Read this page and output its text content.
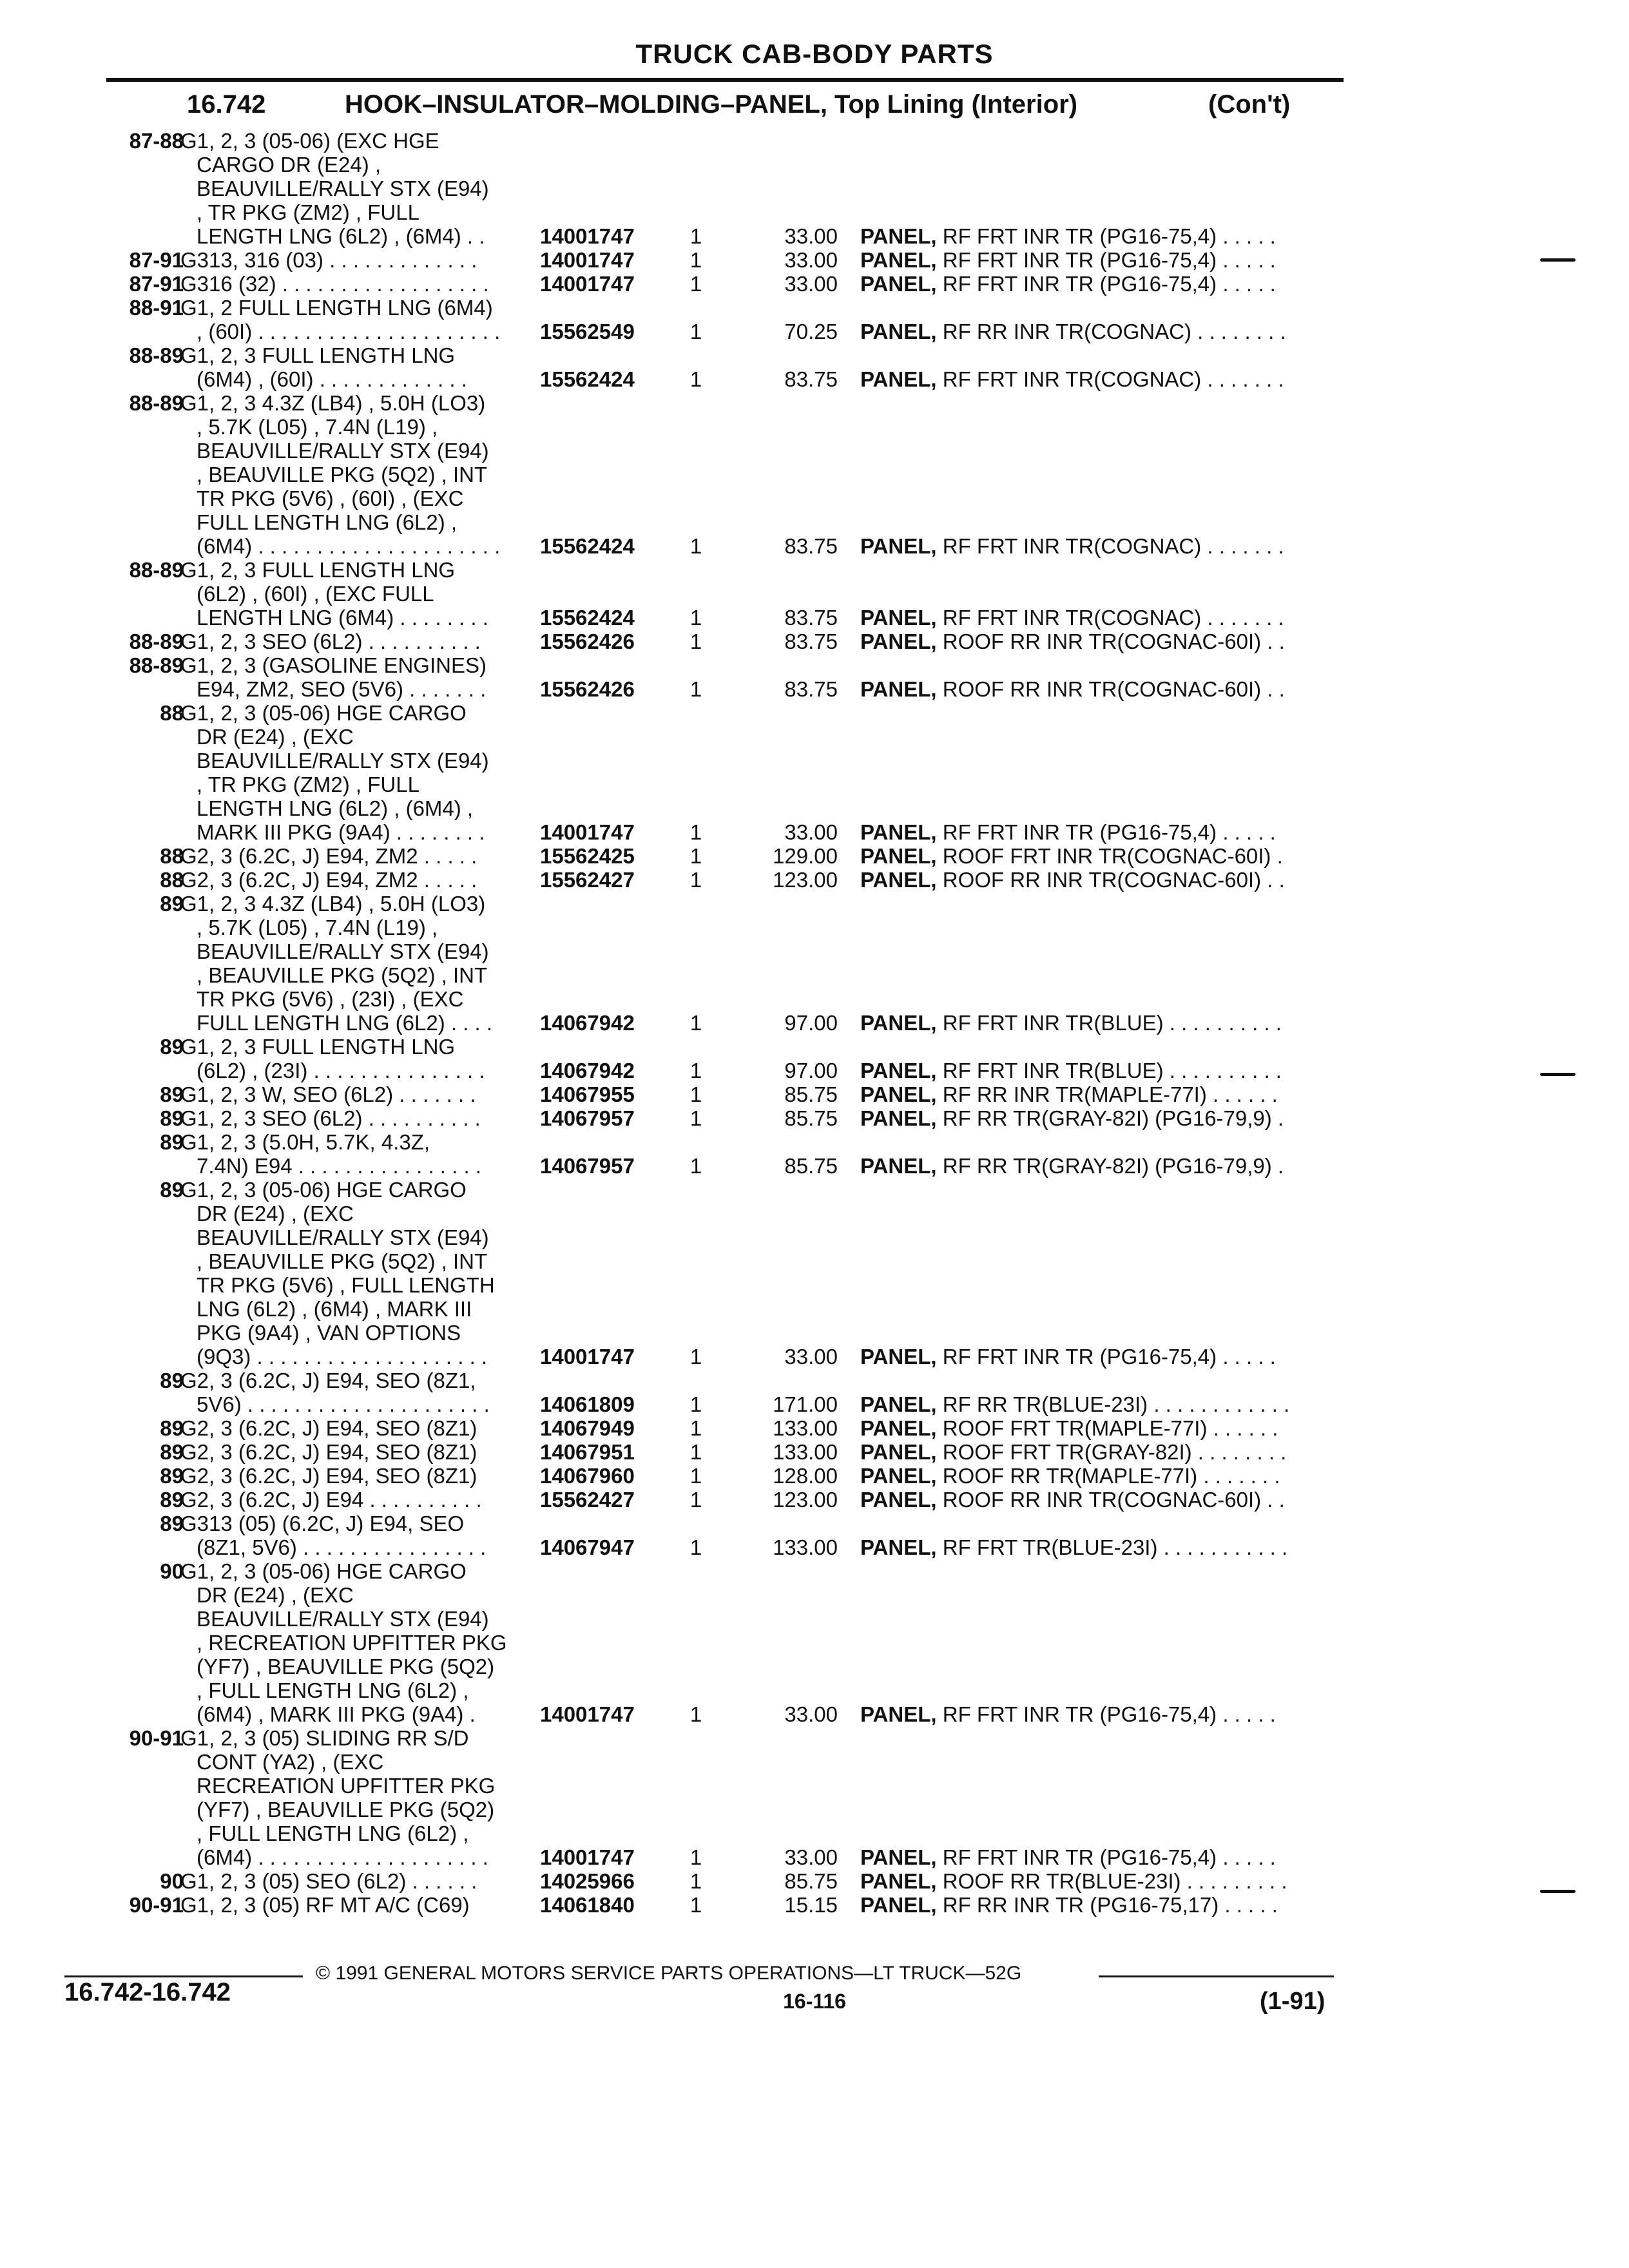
TRUCK CAB-BODY PARTS
16.742	HOOK–INSULATOR–MOLDING–PANEL, Top Lining (Interior)	(Con't)
87-88
G1, 2, 3 (05-06) (EXC HGE
CARGO DR (E24) ,
BEAUVILLE/RALLY STX (E94)
, TR PKG (ZM2) , FULL
LENGTH LNG (6L2) , (6M4) . .	14001747	1	33.00 PANEL, RF FRT INR TR (PG16-75,4) . . . . .
87-91
G313, 316 (03) . . . . . . . . . . . . .	14001747	1	33.00 PANEL, RF FRT INR TR (PG16-75,4) . . . . .
87-91
G316 (32) . . . . . . . . . . . . . . . . . . 14001747	1	33.00 PANEL, RF FRT INR TR (PG16-75,4) . . . . .
88-91
G1, 2 FULL LENGTH LNG (6M4)
, (60I) . . . . . . . . . . . . . . . . . . . . . 15562549	1	70.25 PANEL, RF RR INR TR(COGNAC) . . . . . . . .
88-89
G1, 2, 3 FULL LENGTH LNG
(6M4) , (60I) . . . . . . . . . . . . .	15562424	1	83.75 PANEL, RF FRT INR TR(COGNAC) . . . . . . .
88-89
G1, 2, 3 4.3Z (LB4) , 5.0H (LO3)
, 5.7K (L05) , 7.4N (L19) ,
BEAUVILLE/RALLY STX (E94)
, BEAUVILLE PKG (5Q2) , INT
TR PKG (5V6) , (60I) , (EXC
FULL LENGTH LNG (6L2) ,
(6M4) . . . . . . . . . . . . . . . . . . . . . 15562424	1	83.75 PANEL, RF FRT INR TR(COGNAC) . . . . . . .
88-89
G1, 2, 3 FULL LENGTH LNG
(6L2) , (60I) , (EXC FULL
LENGTH LNG (6M4) . . . . . . . . 15562424	1	83.75 PANEL, RF FRT INR TR(COGNAC) . . . . . . .
88-89
G1, 2, 3 SEO (6L2) . . . . . . . . . .	15562426	1	83.75 PANEL, ROOF RR INR TR(COGNAC-60I) . .
88-89
G1, 2, 3 (GASOLINE ENGINES)
E94, ZM2, SEO (5V6) . . . . . . .	15562426	1	83.75 PANEL, ROOF RR INR TR(COGNAC-60I) . .
88
G1, 2, 3 (05-06) HGE CARGO
DR (E24) , (EXC
BEAUVILLE/RALLY STX (E94)
, TR PKG (ZM2) , FULL
LENGTH LNG (6L2) , (6M4) ,
MARK III PKG (9A4) . . . . . . . .	14001747	1	33.00 PANEL, RF FRT INR TR (PG16-75,4) . . . . .
88
G2, 3 (6.2C, J) E94, ZM2 . . . . .	15562425	1	129.00 PANEL, ROOF FRT INR TR(COGNAC-60I) .
88
G2, 3 (6.2C, J) E94, ZM2 . . . . .	15562427	1	123.00 PANEL, ROOF RR INR TR(COGNAC-60I) . .
89
G1, 2, 3 4.3Z (LB4) , 5.0H (LO3)
, 5.7K (L05) , 7.4N (L19) ,
BEAUVILLE/RALLY STX (E94)
, BEAUVILLE PKG (5Q2) , INT
TR PKG (5V6) , (23I) , (EXC
FULL LENGTH LNG (6L2) . . . . 14067942	1	97.00 PANEL, RF FRT INR TR(BLUE) . . . . . . . . . .
89
G1, 2, 3 FULL LENGTH LNG
(6L2) , (23I) . . . . . . . . . . . . . . .	14067942	1	97.00 PANEL, RF FRT INR TR(BLUE) . . . . . . . . . .
89
G1, 2, 3 W, SEO (6L2) . . . . . . .	14067955	1	85.75 PANEL, RF RR INR TR(MAPLE-77I) . . . . . .
89
G1, 2, 3 SEO (6L2) . . . . . . . . . .	14067957	1	85.75 PANEL, RF RR TR(GRAY-82I) (PG16-79,9) .
89
G1, 2, 3 (5.0H, 5.7K, 4.3Z,
7.4N) E94 . . . . . . . . . . . . . . . .	14067957	1	85.75 PANEL, RF RR TR(GRAY-82I) (PG16-79,9) .
89
G1, 2, 3 (05-06) HGE CARGO
DR (E24) , (EXC
BEAUVILLE/RALLY STX (E94)
, BEAUVILLE PKG (5Q2) , INT
TR PKG (5V6) , FULL LENGTH
LNG (6L2) , (6M4) , MARK III
PKG (9A4) , VAN OPTIONS
(9Q3) . . . . . . . . . . . . . . . . . . . . 14001747	1	33.00 PANEL, RF FRT INR TR (PG16-75,4) . . . . .
89
G2, 3 (6.2C, J) E94, SEO (8Z1,
5V6) . . . . . . . . . . . . . . . . . . . . . 14061809	1	171.00 PANEL, RF RR TR(BLUE-23I) . . . . . . . . . . . .
89
G2, 3 (6.2C, J) E94, SEO (8Z1)	14067949	1	133.00 PANEL, ROOF FRT TR(MAPLE-77I) . . . . . .
89
G2, 3 (6.2C, J) E94, SEO (8Z1)	14067951	1	133.00 PANEL, ROOF FRT TR(GRAY-82I) . . . . . . . .
89
G2, 3 (6.2C, J) E94, SEO (8Z1)	14067960	1	128.00 PANEL, ROOF RR TR(MAPLE-77I) . . . . . . .
89
G2, 3 (6.2C, J) E94 . . . . . . . . . .	15562427	1	123.00 PANEL, ROOF RR INR TR(COGNAC-60I) . .
89
G313 (05) (6.2C, J) E94, SEO
(8Z1, 5V6) . . . . . . . . . . . . . . . .	14067947	1	133.00 PANEL, RF FRT TR(BLUE-23I) . . . . . . . . . . .
90
G1, 2, 3 (05-06) HGE CARGO
DR (E24) , (EXC
BEAUVILLE/RALLY STX (E94)
, RECREATION UPFITTER PKG
(YF7) , BEAUVILLE PKG (5Q2)
, FULL LENGTH LNG (6L2) ,
(6M4) , MARK III PKG (9A4) .	14001747	1	33.00 PANEL, RF FRT INR TR (PG16-75,4) . . . . .
90-91
G1, 2, 3 (05) SLIDING RR S/D
CONT (YA2) , (EXC
RECREATION UPFITTER PKG
(YF7) , BEAUVILLE PKG (5Q2)
, FULL LENGTH LNG (6L2) ,
(6M4) . . . . . . . . . . . . . . . . . . . . 14001747	1	33.00 PANEL, RF FRT INR TR (PG16-75,4) . . . . .
90
G1, 2, 3 (05) SEO (6L2) . . . . . .	14025966	1	85.75 PANEL, ROOF RR TR(BLUE-23I) . . . . . . . . .
90-91
G1, 2, 3 (05) RF MT A/C (C69)	14061840	1	15.15 PANEL, RF RR INR TR (PG16-75,17) . . . . .
© 1991 GENERAL MOTORS SERVICE PARTS OPERATIONS—LT TRUCK—52G
16.742-16.742	16-116	(1-91)
